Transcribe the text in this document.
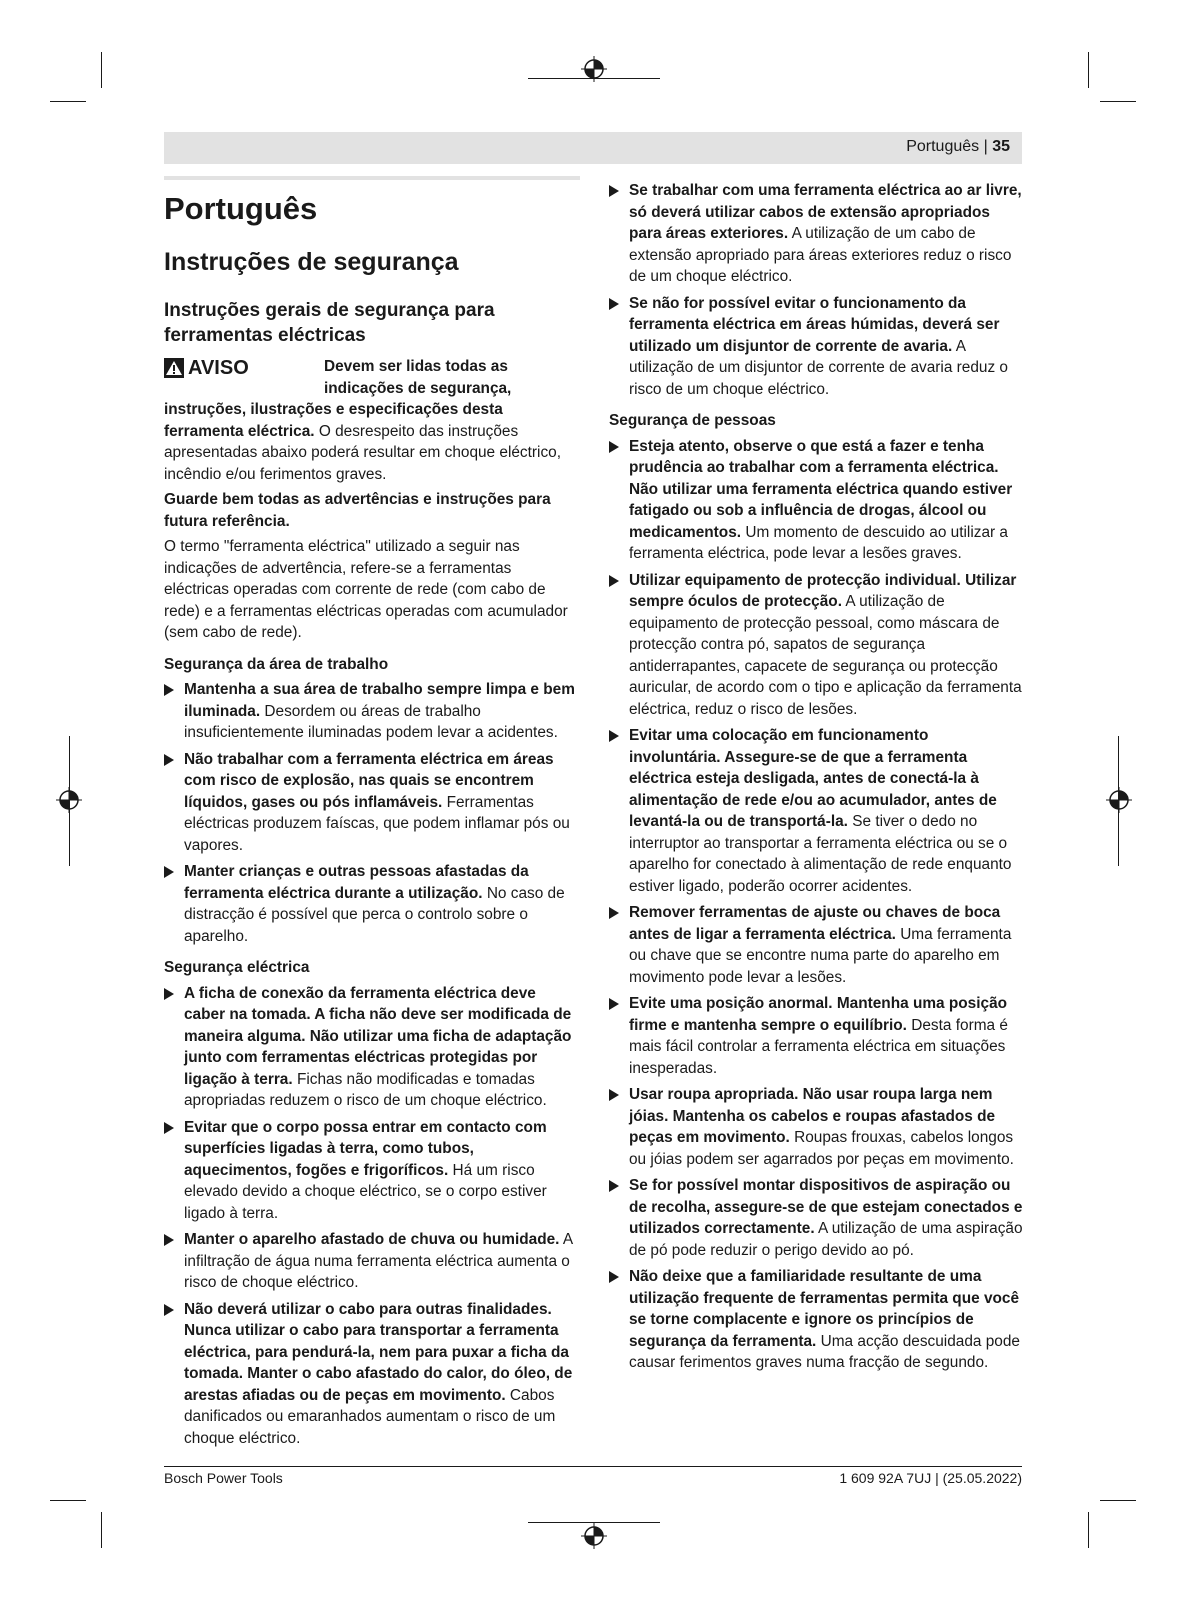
Português | 35
Português
Instruções de segurança
Instruções gerais de segurança para ferramentas eléctricas
AVISO	Devem ser lidas todas as indicações de segurança,

instruções, ilustrações e especificações desta ferramenta eléctrica. O desrespeito das instruções apresentadas abaixo poderá resultar em choque eléctrico, incêndio e/ou ferimentos graves.

Guarde bem todas as advertências e instruções para futura referência.

O termo "ferramenta eléctrica" utilizado a seguir nas indicações de advertência, refere-se a ferramentas eléctricas operadas com corrente de rede (com cabo de rede) e a ferramentas eléctricas operadas com acumulador (sem cabo de rede).

Segurança da área de trabalho
Mantenha a sua área de trabalho sempre limpa e bem iluminada. Desordem ou áreas de trabalho insuficientemente iluminadas podem levar a acidentes.
Não trabalhar com a ferramenta eléctrica em áreas com risco de explosão, nas quais se encontrem líquidos, gases ou pós inflamáveis. Ferramentas eléctricas produzem faíscas, que podem inflamar pós ou vapores.
Manter crianças e outras pessoas afastadas da ferramenta eléctrica durante a utilização. No caso de distracção é possível que perca o controlo sobre o aparelho.
Segurança eléctrica
A ficha de conexão da ferramenta eléctrica deve caber na tomada. A ficha não deve ser modificada de maneira alguma. Não utilizar uma ficha de adaptação junto com ferramentas eléctricas protegidas por ligação à terra. Fichas não modificadas e tomadas apropriadas reduzem o risco de um choque eléctrico.
Evitar que o corpo possa entrar em contacto com superfícies ligadas à terra, como tubos, aquecimentos, fogões e frigoríficos. Há um risco elevado devido a choque eléctrico, se o corpo estiver ligado à terra.
Manter o aparelho afastado de chuva ou humidade. A infiltração de água numa ferramenta eléctrica aumenta o risco de choque eléctrico.
Não deverá utilizar o cabo para outras finalidades. Nunca utilizar o cabo para transportar a ferramenta eléctrica, para pendurá-la, nem para puxar a ficha da tomada. Manter o cabo afastado do calor, do óleo, de arestas afiadas ou de peças em movimento. Cabos danificados ou emaranhados aumentam o risco de um choque eléctrico.
Se trabalhar com uma ferramenta eléctrica ao ar livre, só deverá utilizar cabos de extensão apropriados para áreas exteriores. A utilização de um cabo de extensão apropriado para áreas exteriores reduz o risco de um choque eléctrico.
Se não for possível evitar o funcionamento da ferramenta eléctrica em áreas húmidas, deverá ser utilizado um disjuntor de corrente de avaria. A utilização de um disjuntor de corrente de avaria reduz o risco de um choque eléctrico.
Segurança de pessoas
Esteja atento, observe o que está a fazer e tenha prudência ao trabalhar com a ferramenta eléctrica. Não utilizar uma ferramenta eléctrica quando estiver fatigado ou sob a influência de drogas, álcool ou medicamentos. Um momento de descuido ao utilizar a ferramenta eléctrica, pode levar a lesões graves.
Utilizar equipamento de protecção individual. Utilizar sempre óculos de protecção. A utilização de equipamento de protecção pessoal, como máscara de protecção contra pó, sapatos de segurança antiderrapantes, capacete de segurança ou protecção auricular, de acordo com o tipo e aplicação da ferramenta eléctrica, reduz o risco de lesões.
Evitar uma colocação em funcionamento involuntária. Assegure-se de que a ferramenta eléctrica esteja desligada, antes de conectá-la à alimentação de rede e/ou ao acumulador, antes de levantá-la ou de transportá-la. Se tiver o dedo no interruptor ao transportar a ferramenta eléctrica ou se o aparelho for conectado à alimentação de rede enquanto estiver ligado, poderão ocorrer acidentes.
Remover ferramentas de ajuste ou chaves de boca antes de ligar a ferramenta eléctrica. Uma ferramenta ou chave que se encontre numa parte do aparelho em movimento pode levar a lesões.
Evite uma posição anormal. Mantenha uma posição firme e mantenha sempre o equilíbrio. Desta forma é mais fácil controlar a ferramenta eléctrica em situações inesperadas.
Usar roupa apropriada. Não usar roupa larga nem jóias. Mantenha os cabelos e roupas afastados de peças em movimento. Roupas frouxas, cabelos longos ou jóias podem ser agarrados por peças em movimento.
Se for possível montar dispositivos de aspiração ou de recolha, assegure-se de que estejam conectados e utilizados correctamente. A utilização de uma aspiração de pó pode reduzir o perigo devido ao pó.
Não deixe que a familiaridade resultante de uma utilização frequente de ferramentas permita que você se torne complacente e ignore os princípios de segurança da ferramenta. Uma acção descuidada pode causar ferimentos graves numa fracção de segundo.
Bosch Power Tools	1 609 92A 7UJ | (25.05.2022)
